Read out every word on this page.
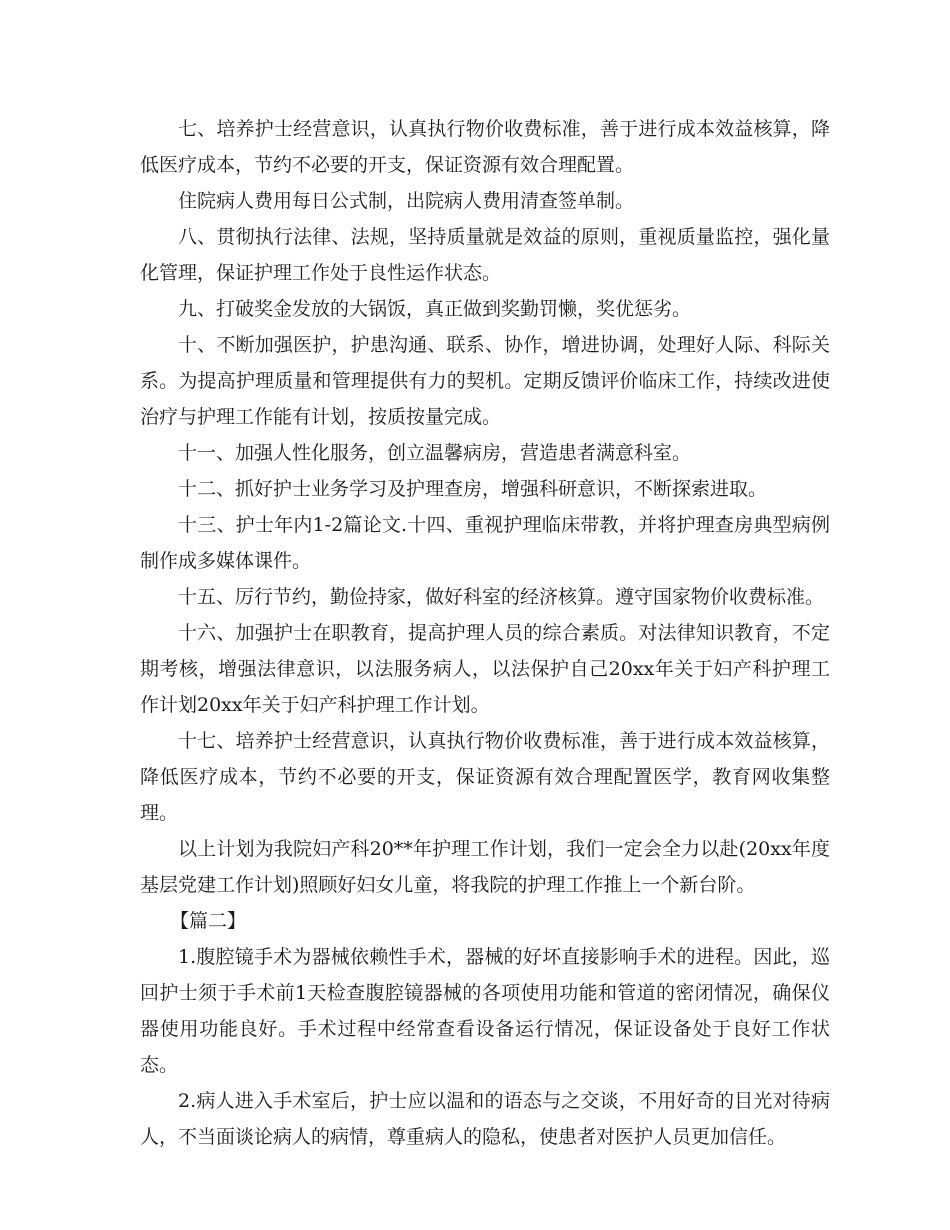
七、培养护士经营意识，认真执行物价收费标准，善于进行成本效益核算，降低医疗成本，节约不必要的开支，保证资源有效合理配置。

住院病人费用每日公式制，出院病人费用清查签单制。

八、贯彻执行法律、法规，坚持质量就是效益的原则，重视质量监控，强化量化管理，保证护理工作处于良性运作状态。

九、打破奖金发放的大锅饭，真正做到奖勤罚懒，奖优惩劣。

十、不断加强医护，护患沟通、联系、协作，增进协调，处理好人际、科际关系。为提高护理质量和管理提供有力的契机。定期反馈评价临床工作，持续改进使治疗与护理工作能有计划，按质按量完成。

十一、加强人性化服务，创立温馨病房，营造患者满意科室。

十二、抓好护士业务学习及护理查房，增强科研意识，不断探索进取。

十三、护士年内1-2篇论文.十四、重视护理临床带教，并将护理查房典型病例制作成多媒体课件。

十五、厉行节约，勤俭持家，做好科室的经济核算。遵守国家物价收费标准。

十六、加强护士在职教育，提高护理人员的综合素质。对法律知识教育，不定期考核，增强法律意识，以法服务病人，以法保护自己20xx年关于妇产科护理工作计划20xx年关于妇产科护理工作计划。

十七、培养护士经营意识，认真执行物价收费标准，善于进行成本效益核算，降低医疗成本，节约不必要的开支，保证资源有效合理配置医学，教育网收集整理。

以上计划为我院妇产科20**年护理工作计划，我们一定会全力以赴(20xx年度基层党建工作计划)照顾好妇女儿童，将我院的护理工作推上一个新台阶。

【篇二】

1.腹腔镜手术为器械依赖性手术，器械的好坏直接影响手术的进程。因此，巡回护士须于手术前1天检查腹腔镜器械的各项使用功能和管道的密闭情况，确保仪器使用功能良好。手术过程中经常查看设备运行情况，保证设备处于良好工作状态。

2.病人进入手术室后，护士应以温和的语态与之交谈，不用好奇的目光对待病人，不当面谈论病人的病情，尊重病人的隐私，使患者对医护人员更加信任。
